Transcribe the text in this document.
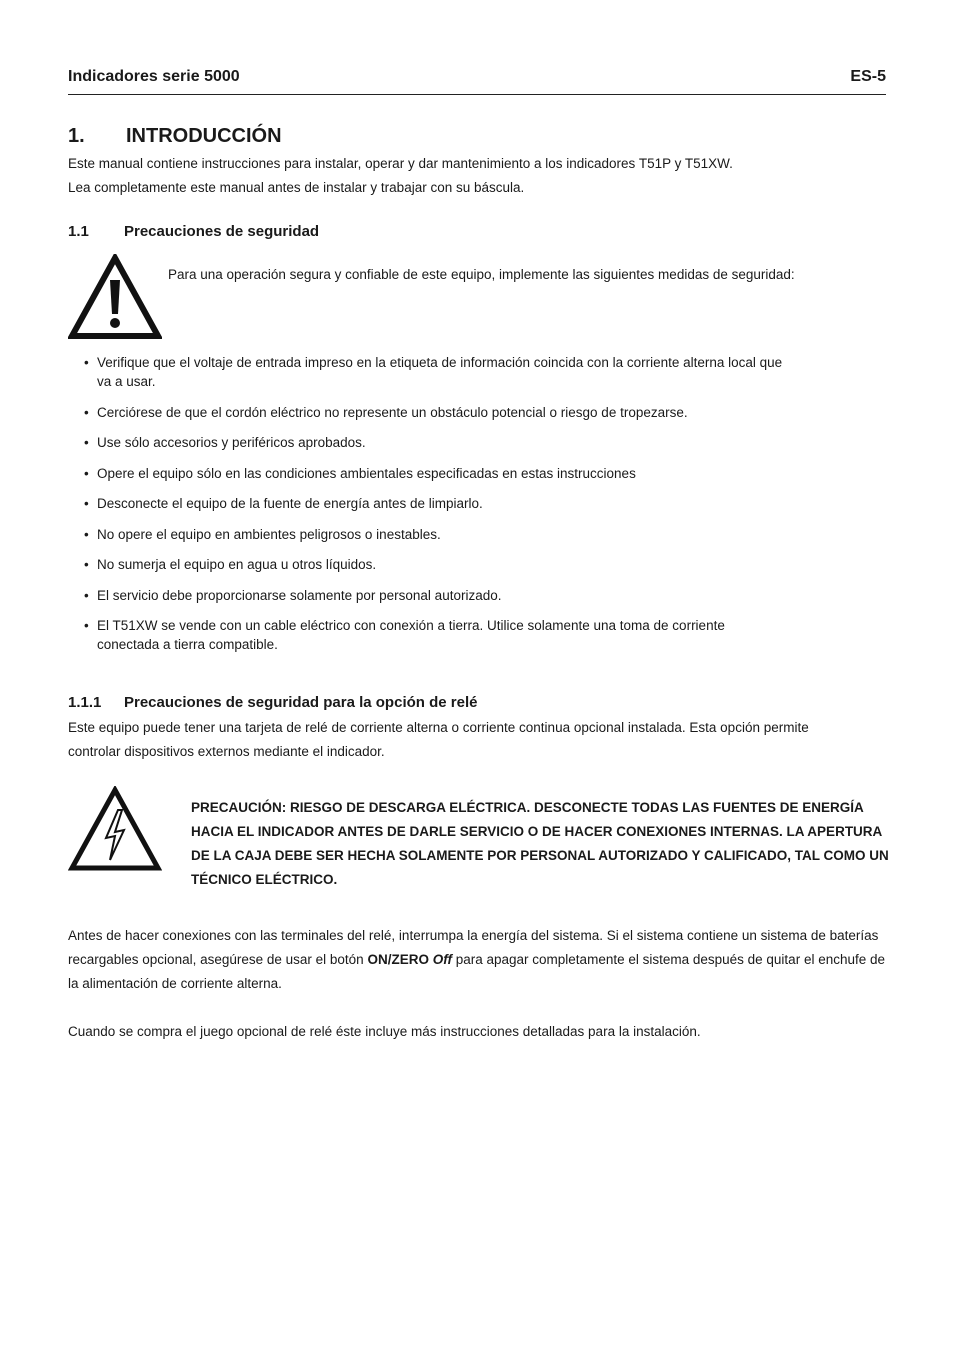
Indicadores serie 5000	ES-5
1. INTRODUCCIÓN
Este manual contiene instrucciones para instalar, operar y dar mantenimiento a los indicadores T51P y T51XW.
Lea completamente este manual antes de instalar y trabajar con su báscula.
1.1 Precauciones de seguridad
Para una operación segura y confiable de este equipo, implemente las siguientes medidas de seguridad:
• Verifique que el voltaje de entrada impreso en la etiqueta de información coincida con la corriente alterna local que va a usar.
• Cerciórese de que el cordón eléctrico no represente un obstáculo potencial o riesgo de tropezarse.
• Use sólo accesorios y periféricos aprobados.
• Opere el equipo sólo en las condiciones ambientales especificadas en estas instrucciones
• Desconecte el equipo de la fuente de energía antes de limpiarlo.
• No opere el equipo en ambientes peligrosos o inestables.
• No sumerja el equipo en agua u otros líquidos.
• El servicio debe proporcionarse solamente por personal autorizado.
• El T51XW se vende con un cable eléctrico con conexión a tierra. Utilice solamente una toma de corriente conectada a tierra compatible.
1.1.1 Precauciones de seguridad para la opción de relé
Este equipo puede tener una tarjeta de relé de corriente alterna o corriente continua opcional instalada. Esta opción permite
controlar dispositivos externos mediante el indicador.
PRECAUCIÓN: RIESGO DE DESCARGA ELÉCTRICA. DESCONECTE TODAS LAS FUENTES DE ENERGÍA HACIA EL INDICADOR ANTES DE DARLE SERVICIO O DE HACER CONEXIONES INTERNAS. LA APERTURA DE LA CAJA DEBE SER HECHA SOLAMENTE POR PERSONAL AUTORIZADO Y CALIFICADO, TAL COMO UN TÉCNICO ELÉCTRICO.
Antes de hacer conexiones con las terminales del relé, interrumpa la energía del sistema. Si el sistema contiene un sistema de baterías recargables opcional, asegúrese de usar el botón ON/ZERO Off para apagar completamente el sistema después de quitar el enchufe de la alimentación de corriente alterna.
Cuando se compra el juego opcional de relé éste incluye más instrucciones detalladas para la instalación.
